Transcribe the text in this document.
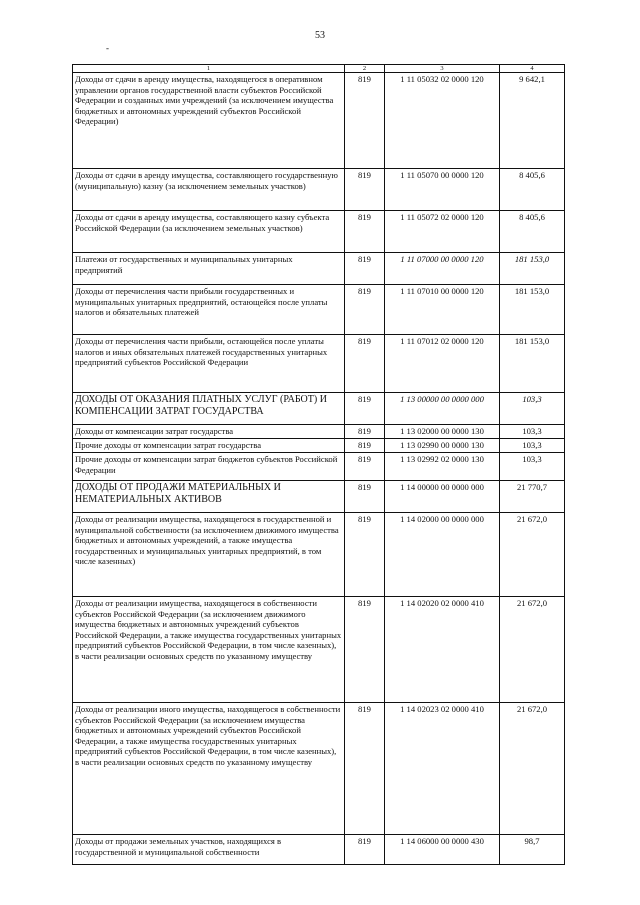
53
-
1	2	3	4
Доходы от сдачи в аренду имущества, находящегося в оперативном управлении органов государственной власти субъектов Российской Федерации и созданных ими учреждений (за исключением имущества бюджетных и автономных учреждений субъектов Российской Федерации)	819	1 11 05032 02 0000 120	9 642,1
Доходы от сдачи в аренду имущества, составляющего государственную (муниципальную) казну (за исключением земельных участков)	819	1 11 05070 00 0000 120	8 405,6
Доходы от сдачи в аренду имущества, составляющего казну субъекта Российской Федерации (за исключением земельных участков)	819	1 11 05072 02 0000 120	8 405,6
Платежи от государственных и муниципальных унитарных предприятий	819	1 11 07000 00 0000 120	181 153,0
Доходы от перечисления части прибыли государственных и муниципальных унитарных предприятий, остающейся после уплаты налогов и обязательных платежей	819	1 11 07010 00 0000 120	181 153,0
Доходы от перечисления части прибыли, остающейся после уплаты налогов и иных обязательных платежей государственных унитарных предприятий субъектов Российской Федерации	819	1 11 07012 02 0000 120	181 153,0
ДОХОДЫ ОТ ОКАЗАНИЯ ПЛАТНЫХ УСЛУГ (РАБОТ) И КОМПЕНСАЦИИ ЗАТРАТ ГОСУДАРСТВА	819	1 13 00000 00 0000 000	103,3
Доходы от компенсации затрат государства	819	1 13 02000 00 0000 130	103,3
Прочие доходы от компенсации затрат государства	819	1 13 02990 00 0000 130	103,3
Прочие доходы от компенсации затрат бюджетов субъектов Российской Федерации	819	1 13 02992 02 0000 130	103,3
ДОХОДЫ ОТ ПРОДАЖИ МАТЕРИАЛЬНЫХ И НЕМАТЕРИАЛЬНЫХ АКТИВОВ	819	1 14 00000 00 0000 000	21 770,7
Доходы от реализации имущества, находящегося в государственной и муниципальной собственности (за исключением движимого имущества бюджетных и автономных учреждений, а также имущества государственных и муниципальных унитарных предприятий, в том числе казенных)	819	1 14 02000 00 0000 000	21 672,0
Доходы от реализации имущества, находящегося в собственности субъектов Российской Федерации (за исключением движимого имущества бюджетных и автономных учреждений субъектов Российской Федерации, а также имущества государственных унитарных предприятий субъектов Российской Федерации, в том числе казенных), в части реализации основных средств по указанному имуществу	819	1 14 02020 02 0000 410	21 672,0
Доходы от реализации иного имущества, находящегося в собственности субъектов Российской Федерации (за исключением имущества бюджетных и автономных учреждений субъектов Российской Федерации, а также имущества государственных унитарных предприятий субъектов Российской Федерации, в том числе казенных), в части реализации основных средств по указанному имуществу	819	1 14 02023 02 0000 410	21 672,0
Доходы от продажи земельных участков, находящихся в государственной и муниципальной собственности	819	1 14 06000 00 0000 430	98,7
